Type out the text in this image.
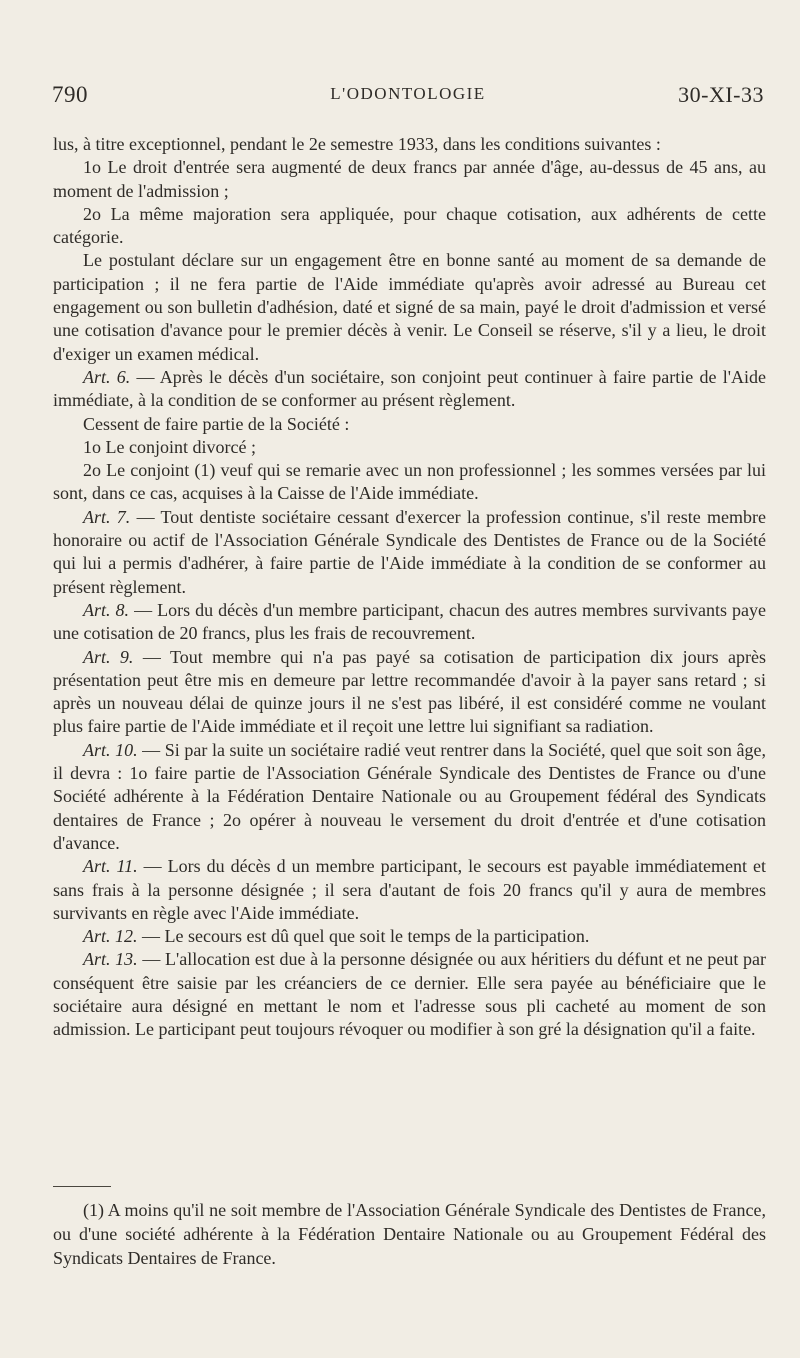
790	L'ODONTOLOGIE	30-XI-33

lus, à titre exceptionnel, pendant le 2e semestre 1933, dans les conditions suivantes :

1o Le droit d'entrée sera augmenté de deux francs par année d'âge, au-dessus de 45 ans, au moment de l'admission ;

2o La même majoration sera appliquée, pour chaque cotisation, aux adhérents de cette catégorie.

Le postulant déclare sur un engagement être en bonne santé au moment de sa demande de participation ; il ne fera partie de l'Aide immédiate qu'après avoir adressé au Bureau cet engagement ou son bulletin d'adhésion, daté et signé de sa main, payé le droit d'admission et versé une cotisation d'avance pour le premier décès à venir. Le Conseil se réserve, s'il y a lieu, le droit d'exiger un examen médical.

Art. 6. — Après le décès d'un sociétaire, son conjoint peut continuer à faire partie de l'Aide immédiate, à la condition de se conformer au présent règlement.

Cessent de faire partie de la Société :

1o Le conjoint divorcé ;

2o Le conjoint (1) veuf qui se remarie avec un non professionnel ; les sommes versées par lui sont, dans ce cas, acquises à la Caisse de l'Aide immédiate.

Art. 7. — Tout dentiste sociétaire cessant d'exercer la profession continue, s'il reste membre honoraire ou actif de l'Association Générale Syndicale des Dentistes de France ou de la Société qui lui a permis d'adhérer, à faire partie de l'Aide immédiate à la condition de se conformer au présent règlement.

Art. 8. — Lors du décès d'un membre participant, chacun des autres membres survivants paye une cotisation de 20 francs, plus les frais de recouvrement.

Art. 9. — Tout membre qui n'a pas payé sa cotisation de participation dix jours après présentation peut être mis en demeure par lettre recommandée d'avoir à la payer sans retard ; si après un nouveau délai de quinze jours il ne s'est pas libéré, il est considéré comme ne voulant plus faire partie de l'Aide immédiate et il reçoit une lettre lui signifiant sa radiation.

Art. 10. — Si par la suite un sociétaire radié veut rentrer dans la Société, quel que soit son âge, il devra : 1o faire partie de l'Association Générale Syndicale des Dentistes de France ou d'une Société adhérente à la Fédération Dentaire Nationale ou au Groupement fédéral des Syndicats dentaires de France ; 2o opérer à nouveau le versement du droit d'entrée et d'une cotisation d'avance.

Art. 11. — Lors du décès d un membre participant, le secours est payable immédiatement et sans frais à la personne désignée ; il sera d'autant de fois 20 francs qu'il y aura de membres survivants en règle avec l'Aide immédiate.

Art. 12. — Le secours est dû quel que soit le temps de la participation.

Art. 13. — L'allocation est due à la personne désignée ou aux héritiers du défunt et ne peut par conséquent être saisie par les créanciers de ce dernier. Elle sera payée au bénéficiaire que le sociétaire aura désigné en mettant le nom et l'adresse sous pli cacheté au moment de son admission. Le participant peut toujours révoquer ou modifier à son gré la désignation qu'il a faite.

(1) A moins qu'il ne soit membre de l'Association Générale Syndicale des Dentistes de France, ou d'une société adhérente à la Fédération Dentaire Nationale ou au Groupement Fédéral des Syndicats Dentaires de France.
